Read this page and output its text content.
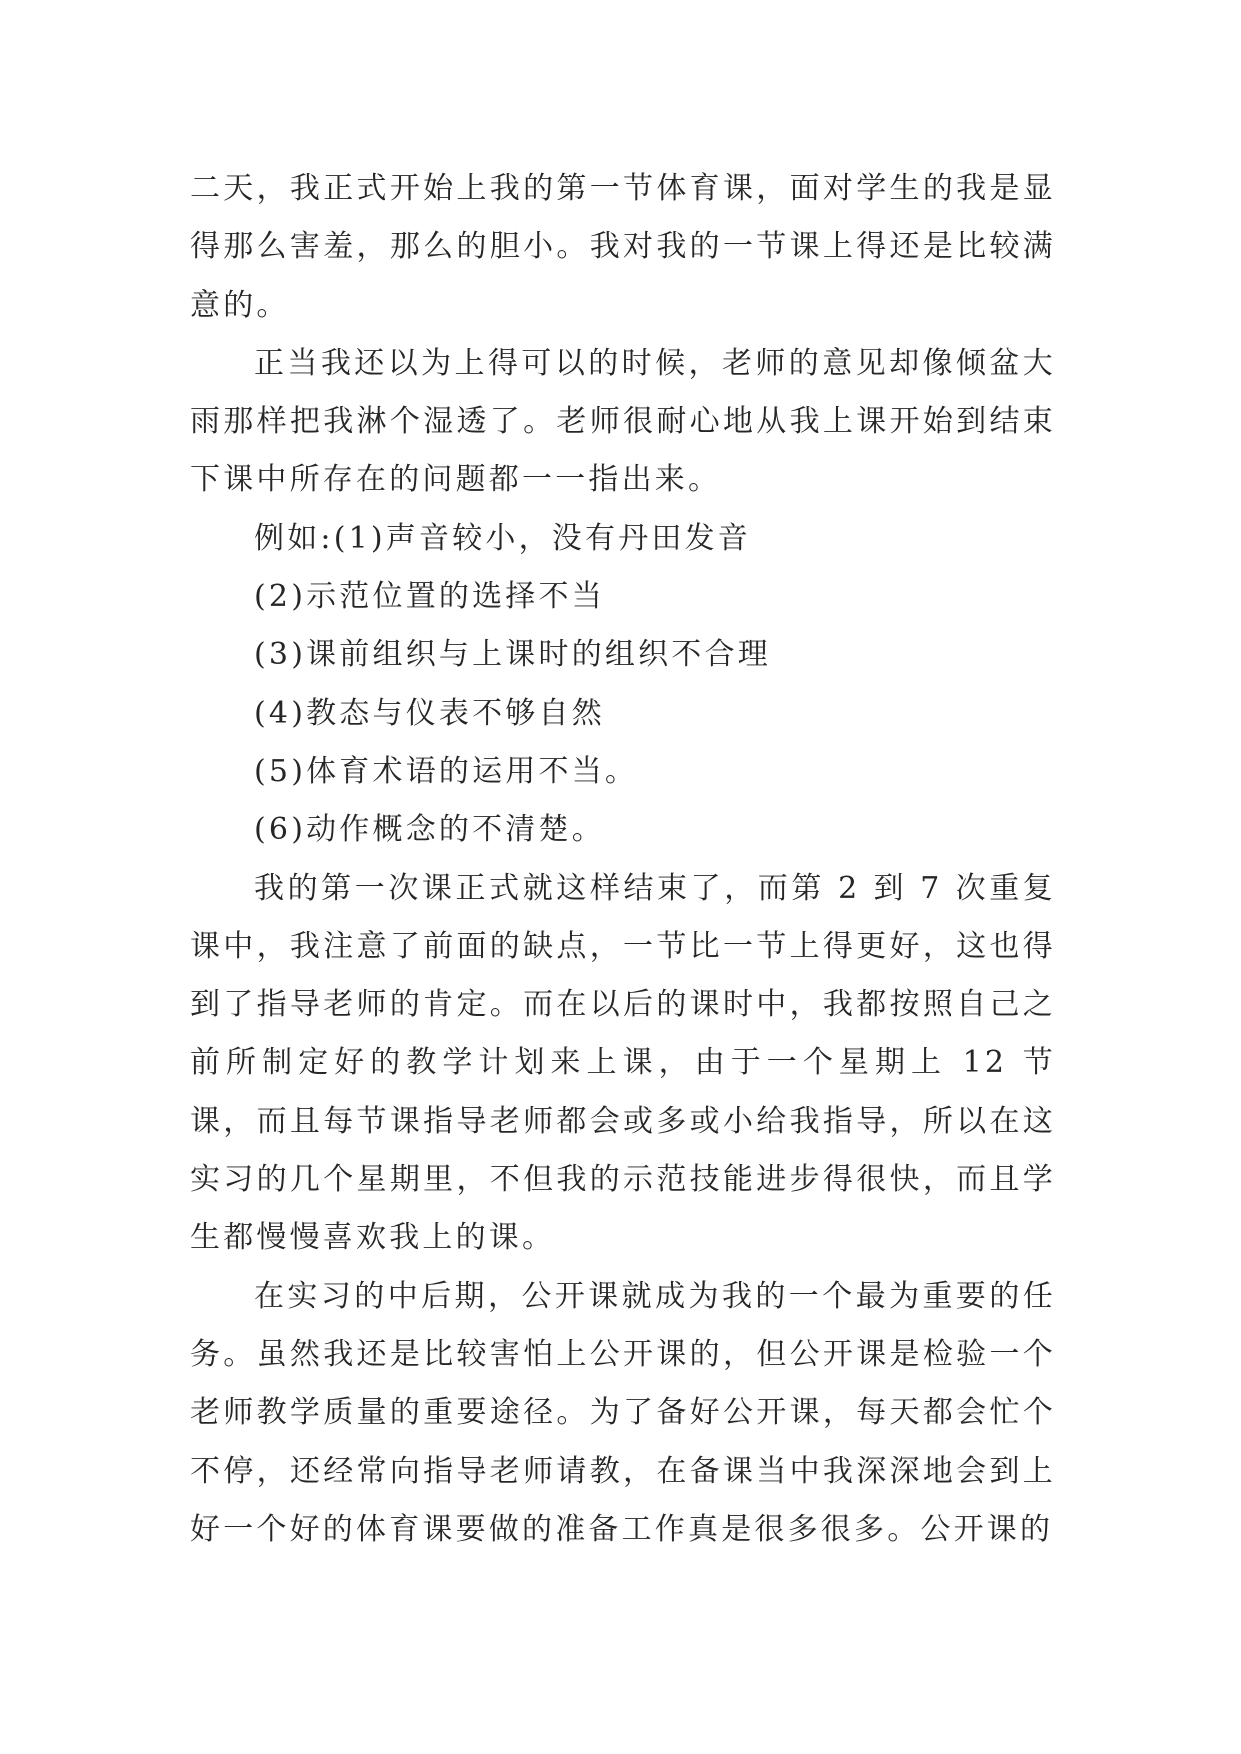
二天，我正式开始上我的第一节体育课，面对学生的我是显得那么害羞，那么的胆小。我对我的一节课上得还是比较满意的。

正当我还以为上得可以的时候，老师的意见却像倾盆大雨那样把我淋个湿透了。老师很耐心地从我上课开始到结束下课中所存在的问题都一一指出来。

例如:(1)声音较小，没有丹田发音

(2)示范位置的选择不当

(3)课前组织与上课时的组织不合理

(4)教态与仪表不够自然

(5)体育术语的运用不当。

(6)动作概念的不清楚。

我的第一次课正式就这样结束了，而第 2 到 7 次重复课中，我注意了前面的缺点，一节比一节上得更好，这也得到了指导老师的肯定。而在以后的课时中，我都按照自己之前所制定好的教学计划来上课，由于一个星期上 12 节课，而且每节课指导老师都会或多或小给我指导，所以在这实习的几个星期里，不但我的示范技能进步得很快，而且学生都慢慢喜欢我上的课。

在实习的中后期，公开课就成为我的一个最为重要的任务。虽然我还是比较害怕上公开课的，但公开课是检验一个老师教学质量的重要途径。为了备好公开课，每天都会忙个不停，还经常向指导老师请教，在备课当中我深深地会到上好一个好的体育课要做的准备工作真是很多很多。公开课的
